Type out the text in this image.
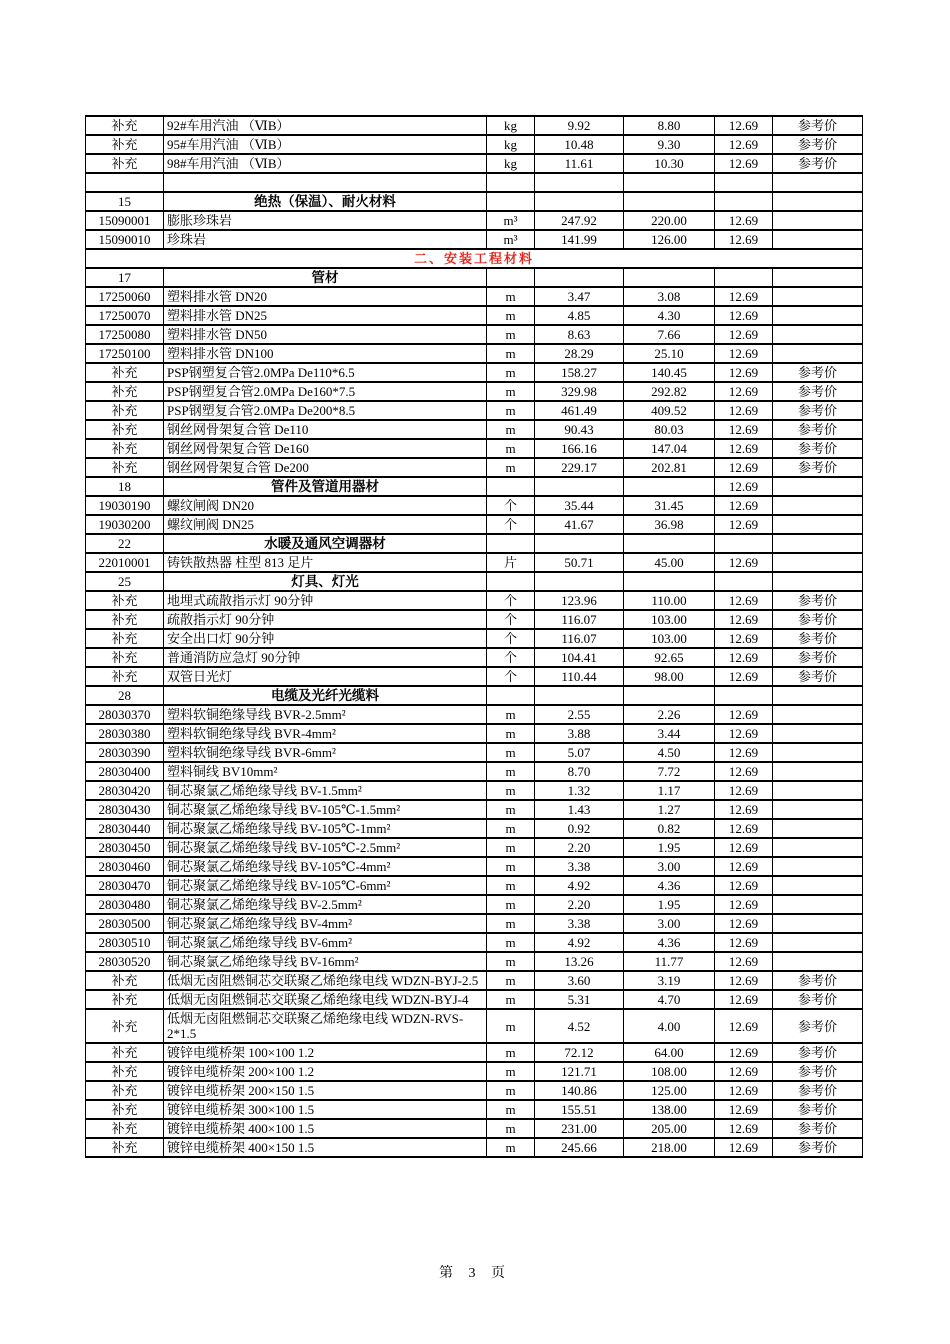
补充	92#车用汽油 （ⅥB）	kg	9.92	8.80	12.69	参考价
补充	95#车用汽油 （ⅥB）	kg	10.48	9.30	12.69	参考价
补充	98#车用汽油 （ⅥB）	kg	11.61	10.30	12.69	参考价

15	绝热（保温）、耐火材料					
15090001	膨胀珍珠岩	m³	247.92	220.00	12.69	
15090010	珍珠岩	m³	141.99	126.00	12.69	
二、安装工程材料						
17	管材					
17250060	塑料排水管 DN20	m	3.47	3.08	12.69	
17250070	塑料排水管 DN25	m	4.85	4.30	12.69	
17250080	塑料排水管 DN50	m	8.63	7.66	12.69	
17250100	塑料排水管 DN100	m	28.29	25.10	12.69	
补充	PSP钢塑复合管2.0MPa De110*6.5	m	158.27	140.45	12.69	参考价
补充	PSP钢塑复合管2.0MPa De160*7.5	m	329.98	292.82	12.69	参考价
补充	PSP钢塑复合管2.0MPa De200*8.5	m	461.49	409.52	12.69	参考价
补充	钢丝网骨架复合管 De110	m	90.43	80.03	12.69	参考价
补充	钢丝网骨架复合管 De160	m	166.16	147.04	12.69	参考价
补充	钢丝网骨架复合管 De200	m	229.17	202.81	12.69	参考价
18	管件及管道用器材				12.69	
19030190	螺纹闸阀 DN20	个	35.44	31.45	12.69	
19030200	螺纹闸阀 DN25	个	41.67	36.98	12.69	
22	水暖及通风空调器材					
22010001	铸铁散热器 柱型 813 足片	片	50.71	45.00	12.69	
25	灯具、灯光					
补充	地埋式疏散指示灯 90分钟	个	123.96	110.00	12.69	参考价
补充	疏散指示灯 90分钟	个	116.07	103.00	12.69	参考价
补充	安全出口灯 90分钟	个	116.07	103.00	12.69	参考价
补充	普通消防应急灯 90分钟	个	104.41	92.65	12.69	参考价
补充	双管日光灯	个	110.44	98.00	12.69	参考价
28	电缆及光纤光缆料					
28030370	塑料软铜绝缘导线 BVR-2.5mm²	m	2.55	2.26	12.69	
28030380	塑料软铜绝缘导线 BVR-4mm²	m	3.88	3.44	12.69	
28030390	塑料软铜绝缘导线 BVR-6mm²	m	5.07	4.50	12.69	
28030400	塑料铜线 BV10mm²	m	8.70	7.72	12.69	
28030420	铜芯聚氯乙烯绝缘导线 BV-1.5mm²	m	1.32	1.17	12.69	
28030430	铜芯聚氯乙烯绝缘导线 BV-105℃-1.5mm²	m	1.43	1.27	12.69	
28030440	铜芯聚氯乙烯绝缘导线 BV-105℃-1mm²	m	0.92	0.82	12.69	
28030450	铜芯聚氯乙烯绝缘导线 BV-105℃-2.5mm²	m	2.20	1.95	12.69	
28030460	铜芯聚氯乙烯绝缘导线 BV-105℃-4mm²	m	3.38	3.00	12.69	
28030470	铜芯聚氯乙烯绝缘导线 BV-105℃-6mm²	m	4.92	4.36	12.69	
28030480	铜芯聚氯乙烯绝缘导线 BV-2.5mm²	m	2.20	1.95	12.69	
28030500	铜芯聚氯乙烯绝缘导线 BV-4mm²	m	3.38	3.00	12.69	
28030510	铜芯聚氯乙烯绝缘导线 BV-6mm²	m	4.92	4.36	12.69	
28030520	铜芯聚氯乙烯绝缘导线 BV-16mm²	m	13.26	11.77	12.69	
补充	低烟无卤阻燃铜芯交联聚乙烯绝缘电线 WDZN-BYJ-2.5	m	3.60	3.19	12.69	参考价
补充	低烟无卤阻燃铜芯交联聚乙烯绝缘电线 WDZN-BYJ-4	m	5.31	4.70	12.69	参考价
补充	低烟无卤阻燃铜芯交联聚乙烯绝缘电线 WDZN-RVS-2*1.5	m	4.52	4.00	12.69	参考价
补充	镀锌电缆桥架 100×100 1.2	m	72.12	64.00	12.69	参考价
补充	镀锌电缆桥架 200×100 1.2	m	121.71	108.00	12.69	参考价
补充	镀锌电缆桥架 200×150 1.5	m	140.86	125.00	12.69	参考价
补充	镀锌电缆桥架 300×100 1.5	m	155.51	138.00	12.69	参考价
补充	镀锌电缆桥架 400×100 1.5	m	231.00	205.00	12.69	参考价
补充	镀锌电缆桥架 400×150 1.5	m	245.66	218.00	12.69	参考价
第 3 页
